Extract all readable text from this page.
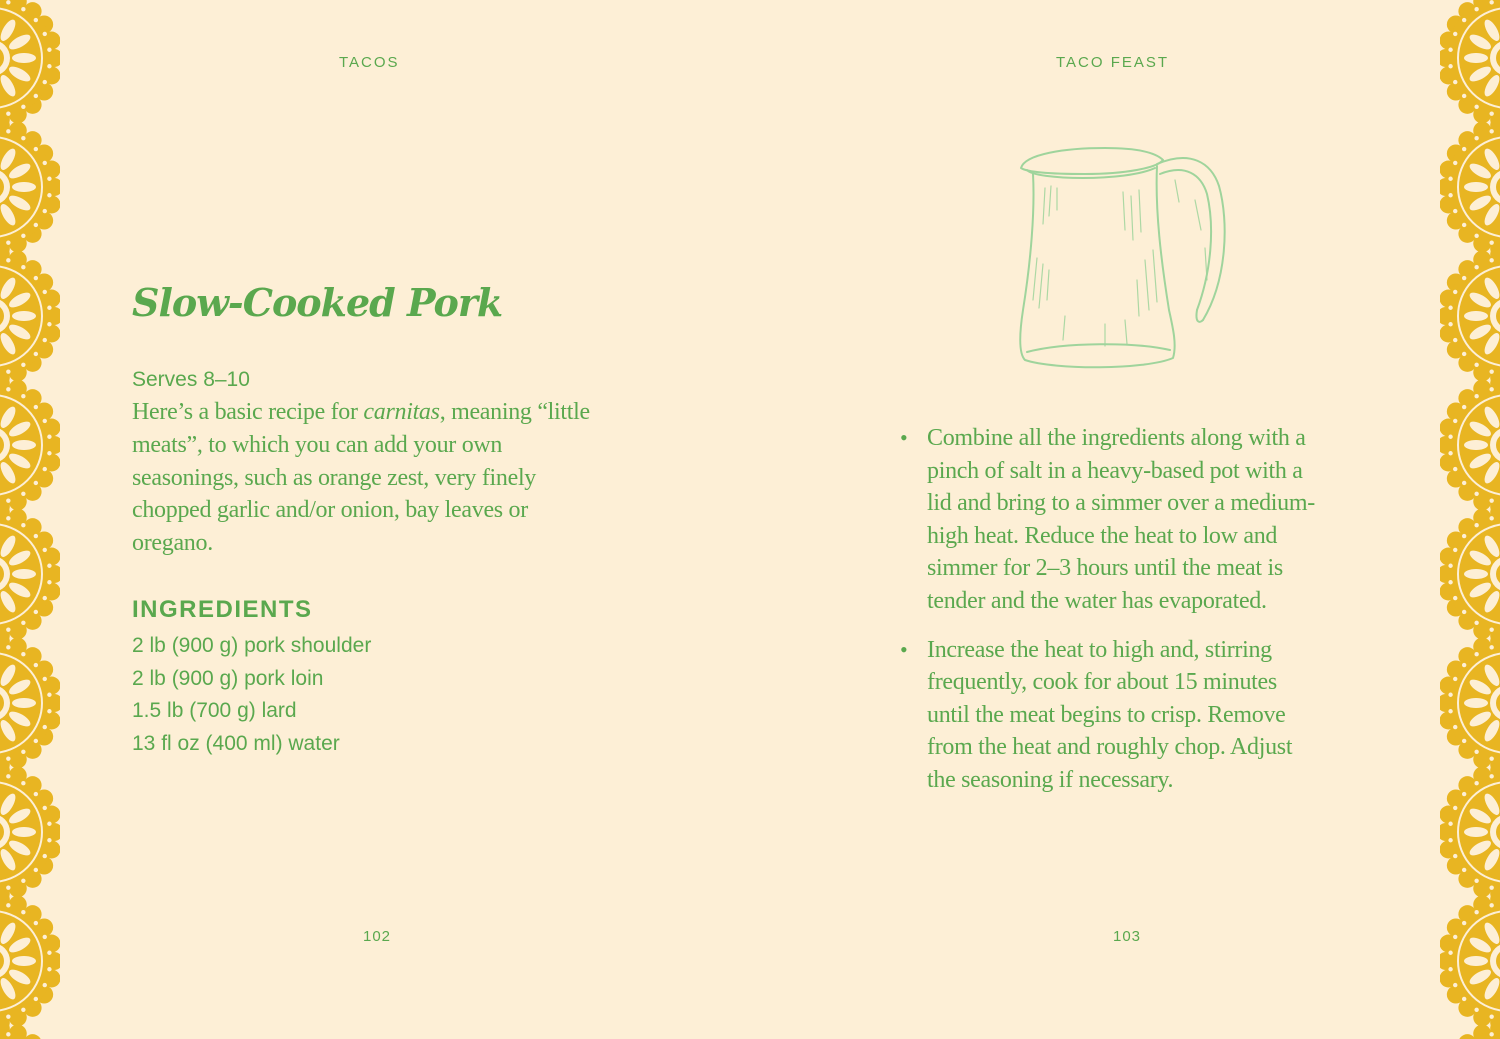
TACOS	TACO FEAST
Slow-Cooked Pork
Serves 8–10

Here’s a basic recipe for carnitas, meaning “little meats”, to which you can add your own seasonings, such as orange zest, very finely chopped garlic and/or onion, bay leaves or oregano.

INGREDIENTS
2 lb (900 g) pork shoulder
2 lb (900 g) pork loin
1.5 lb (700 g) lard
13 fl oz (400 ml) water
• Combine all the ingredients along with a pinch of salt in a heavy-based pot with a lid and bring to a simmer over a medium-high heat. Reduce the heat to low and simmer for 2–3 hours until the meat is tender and the water has evaporated.
• Increase the heat to high and, stirring frequently, cook for about 15 minutes until the meat begins to crisp. Remove from the heat and roughly chop. Adjust the seasoning if necessary.
102	103
